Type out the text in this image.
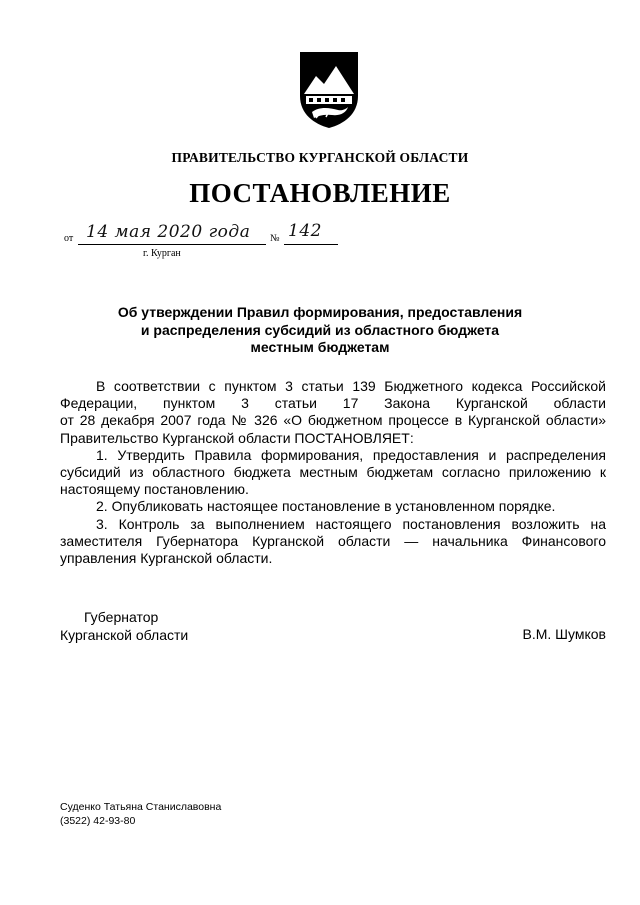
ПРАВИТЕЛЬСТВО КУРГАНСКОЙ ОБЛАСТИ
ПОСТАНОВЛЕНИЕ
от 14 мая 2020 года № 142
г. Курган
Об утверждении Правил формирования, предоставления
и распределения субсидий из областного бюджета
местным бюджетам

В соответствии с пунктом 3 статьи 139 Бюджетного кодекса Российской

Федерации, пунктом 3 статьи 17 Закона Курганской области

от 28 декабря 2007 года № 326 «О бюджетном процессе в Курганской области»

Правительство Курганской области ПОСТАНОВЛЯЕТ:

1. Утвердить Правила формирования, предоставления и распределения субсидий из областного бюджета местным бюджетам согласно приложению к настоящему постановлению.

2. Опубликовать настоящее постановление в установленном порядке.

3. Контроль за выполнением настоящего постановления возложить на заместителя Губернатора Курганской области — начальника Финансового управления Курганской области.

Губернатор
Курганской области	В.М. Шумков
Суденко Татьяна Станиславовна
(3522) 42-93-80
